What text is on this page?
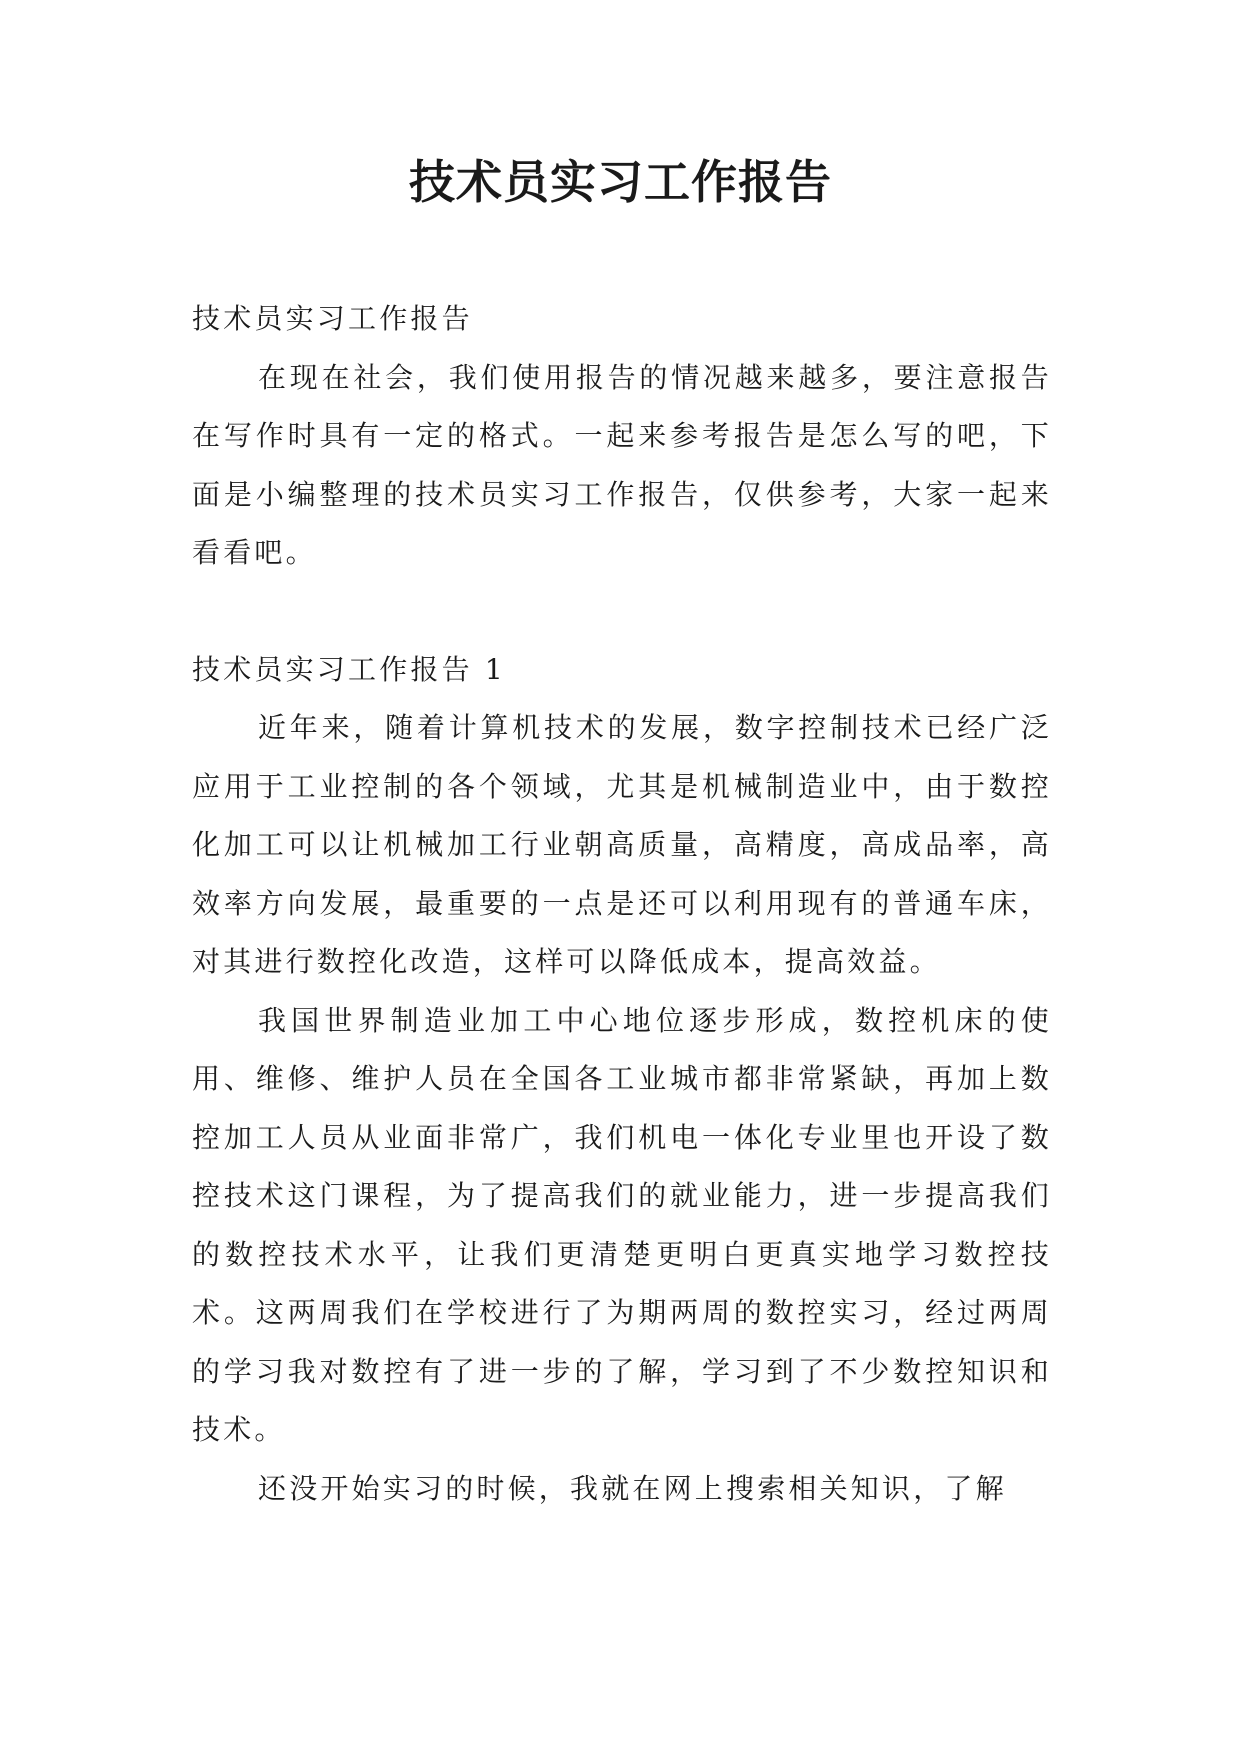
技术员实习工作报告

技术员实习工作报告

在现在社会，我们使用报告的情况越来越多，要注意报告在写作时具有一定的格式。一起来参考报告是怎么写的吧，下面是小编整理的技术员实习工作报告，仅供参考，大家一起来看看吧。

技术员实习工作报告 1

近年来，随着计算机技术的发展，数字控制技术已经广泛应用于工业控制的各个领域，尤其是机械制造业中，由于数控化加工可以让机械加工行业朝高质量，高精度，高成品率，高效率方向发展，最重要的一点是还可以利用现有的普通车床，对其进行数控化改造，这样可以降低成本，提高效益。

我国世界制造业加工中心地位逐步形成，数控机床的使用、维修、维护人员在全国各工业城市都非常紧缺，再加上数控加工人员从业面非常广，我们机电一体化专业里也开设了数控技术这门课程，为了提高我们的就业能力，进一步提高我们的数控技术水平，让我们更清楚更明白更真实地学习数控技术。这两周我们在学校进行了为期两周的数控实习，经过两周的学习我对数控有了进一步的了解，学习到了不少数控知识和技术。

还没开始实习的时候，我就在网上搜索相关知识，了解
